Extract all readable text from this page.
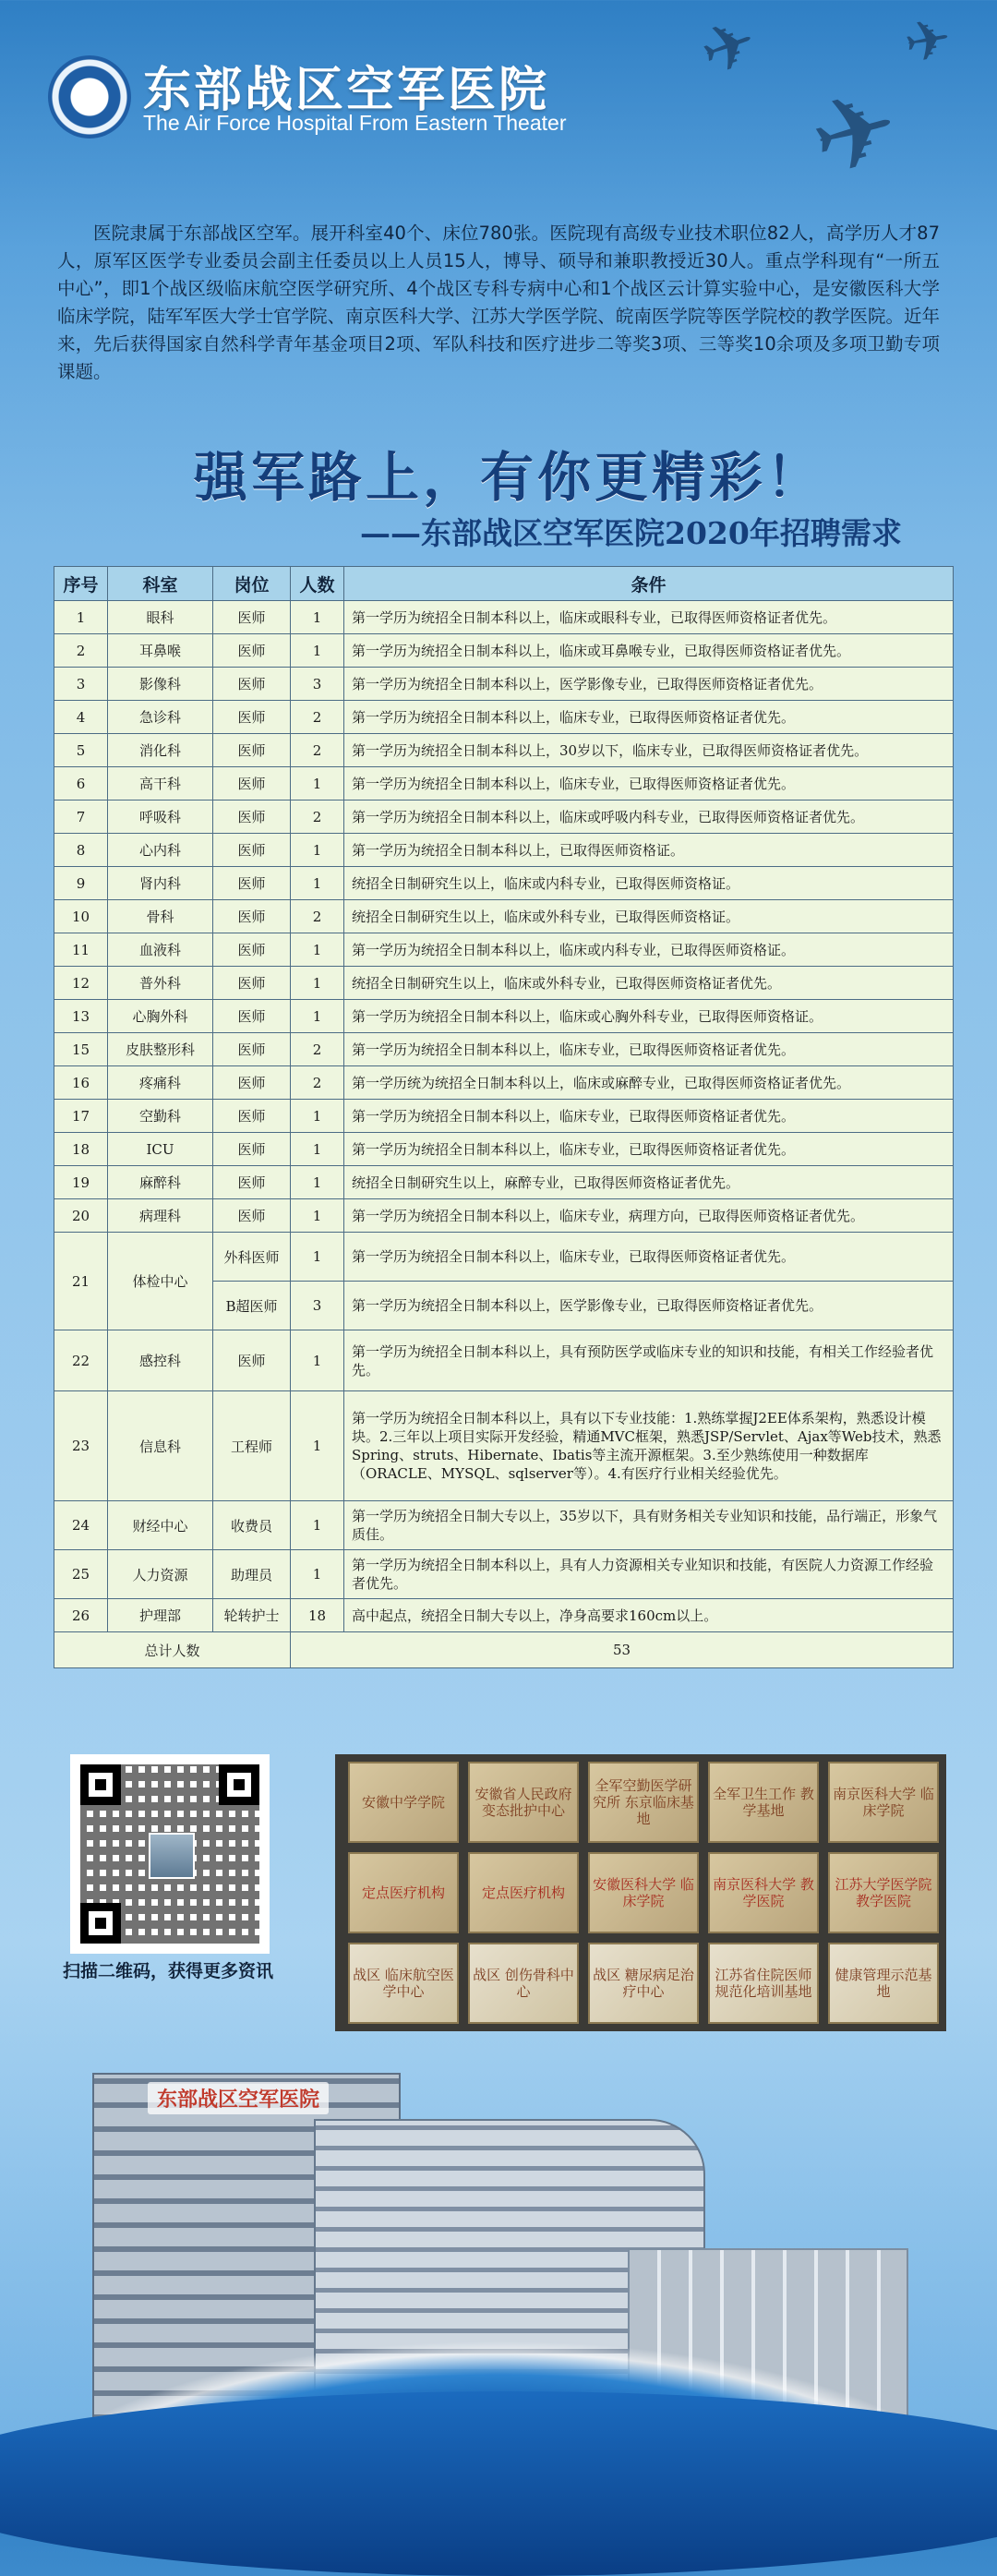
✈
东部战区空军医院
The Air Force Hospital From Eastern Theater
✈
✈
✈
医院隶属于东部战区空军。展开科室40个、床位780张。医院现有高级专业技术职位82人，高学历人才87人，原军区医学专业委员会副主任委员以上人员15人，博导、硕导和兼职教授近30人。重点学科现有“一所五中心”，即1个战区级临床航空医学研究所、4个战区专科专病中心和1个战区云计算实验中心，是安徽医科大学临床学院，陆军军医大学士官学院、南京医科大学、江苏大学医学院、皖南医学院等医学院校的教学医院。近年来，先后获得国家自然科学青年基金项目2项、军队科技和医疗进步二等奖3项、三等奖10余项及多项卫勤专项课题。
强军路上，有你更精彩！
——东部战区空军医院2020年招聘需求
序号	科室	岗位	人数	条件
1	眼科	医师	1	第一学历为统招全日制本科以上，临床或眼科专业，已取得医师资格证者优先。
2	耳鼻喉	医师	1	第一学历为统招全日制本科以上，临床或耳鼻喉专业，已取得医师资格证者优先。
3	影像科	医师	3	第一学历为统招全日制本科以上，医学影像专业，已取得医师资格证者优先。
4	急诊科	医师	2	第一学历为统招全日制本科以上，临床专业，已取得医师资格证者优先。
5	消化科	医师	2	第一学历为统招全日制本科以上，30岁以下，临床专业，已取得医师资格证者优先。
6	高干科	医师	1	第一学历为统招全日制本科以上，临床专业，已取得医师资格证者优先。
7	呼吸科	医师	2	第一学历为统招全日制本科以上，临床或呼吸内科专业，已取得医师资格证者优先。
8	心内科	医师	1	第一学历为统招全日制本科以上，已取得医师资格证。
9	肾内科	医师	1	统招全日制研究生以上，临床或内科专业，已取得医师资格证。
10	骨科	医师	2	统招全日制研究生以上，临床或外科专业，已取得医师资格证。
11	血液科	医师	1	第一学历为统招全日制本科以上，临床或内科专业，已取得医师资格证。
12	普外科	医师	1	统招全日制研究生以上，临床或外科专业，已取得医师资格证者优先。
13	心胸外科	医师	1	第一学历为统招全日制本科以上，临床或心胸外科专业，已取得医师资格证。
15	皮肤整形科	医师	2	第一学历为统招全日制本科以上，临床专业，已取得医师资格证者优先。
16	疼痛科	医师	2	第一学历统为统招全日制本科以上，临床或麻醉专业，已取得医师资格证者优先。
17	空勤科	医师	1	第一学历为统招全日制本科以上，临床专业，已取得医师资格证者优先。
18	ICU	医师	1	第一学历为统招全日制本科以上，临床专业，已取得医师资格证者优先。
19	麻醉科	医师	1	统招全日制研究生以上，麻醉专业，已取得医师资格证者优先。
20	病理科	医师	1	第一学历为统招全日制本科以上，临床专业，病理方向，已取得医师资格证者优先。
21	体检中心	外科医师	1	第一学历为统招全日制本科以上，临床专业，已取得医师资格证者优先。
		B超医师	3	第一学历为统招全日制本科以上，医学影像专业，已取得医师资格证者优先。
22	感控科	医师	1	第一学历为统招全日制本科以上，具有预防医学或临床专业的知识和技能，有相关工作经验者优先。
23	信息科	工程师	1	第一学历为统招全日制本科以上，具有以下专业技能：1.熟练掌握J2EE体系架构，熟悉设计模块。2.三年以上项目实际开发经验，精通MVC框架，熟悉JSP/Servlet、Ajax等Web技术，熟悉Spring、struts、Hibernate、Ibatis等主流开源框架。3.至少熟练使用一种数据库（ORACLE、MYSQL、sqlserver等）。4.有医疗行业相关经验优先。
24	财经中心	收费员	1	第一学历为统招全日制大专以上，35岁以下，具有财务相关专业知识和技能，品行端正，形象气质佳。
25	人力资源	助理员	1	第一学历为统招全日制本科以上，具有人力资源相关专业知识和技能，有医院人力资源工作经验者优先。
26	护理部	轮转护士	18	高中起点，统招全日制大专以上，净身高要求160cm以上。
总计人数			53	
扫描二维码，获得更多资讯
安徽中学学院	安徽省人民政府 变态批护中心
全军空勤医学研究所 东京临床基地
全军卫生工作 教学基地
南京医科大学 临床学院
定点医疗机构	定点医疗机构 安徽医科大学 临床学院
南京医科大学 教学医院
江苏大学医学院 教学医院
战区 临床航空医学中心
战区 创伤骨科中心
战区 糖尿病足治疗中心
江苏省住院医师 规范化培训基地
健康管理示范基地
东部战区空军医院
